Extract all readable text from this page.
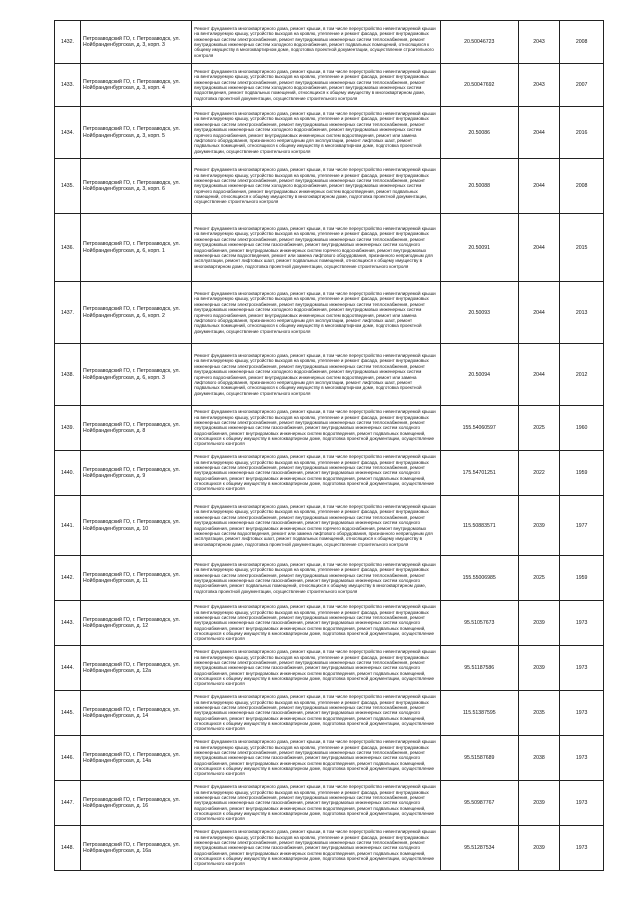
1432.	Петрозаводский ГО, г. Петрозаводск, ул. Нойбранденбургская, д. 3, корп. 3	Ремонт фундамента многоквартирного дома, ремонт крыши, в том числе переустройство невентилируемой крыши на вентилируемую крышу, устройство выходов на кровлю, утепление и ремонт фасада, ремонт внутридомовых инженерных систем электроснабжения, ремонт внутридомовых инженерных систем теплоснабжения, ремонт внутридомовых инженерных систем холодного водоснабжения, ремонт подвальных помещений, относящихся к общему имуществу в многоквартирном доме, подготовка проектной документации, осуществление строительного контроля	20.50046723	2043	2008
1433.	Петрозаводский ГО, г. Петрозаводск, ул. Нойбранденбургская, д. 3, корп. 4	Ремонт фундамента многоквартирного дома, ремонт крыши, в том числе переустройство невентилируемой крыши на вентилируемую крышу, устройство выходов на кровлю, утепление и ремонт фасада, ремонт внутридомовых инженерных систем электроснабжения, ремонт внутридомовых инженерных систем теплоснабжения, ремонт внутридомовых инженерных систем холодного водоснабжения, ремонт внутридомовых инженерных систем водоотведения, ремонт подвальных помещений, относящихся к общему имуществу в многоквартирном доме, подготовка проектной документации, осуществление строительного контроля	20.50047692	2043	2007
1434.	Петрозаводский ГО, г. Петрозаводск, ул. Нойбранденбургская, д. 3, корп. 5	Ремонт фундамента многоквартирного дома, ремонт крыши, в том числе переустройство невентилируемой крыши на вентилируемую крышу, устройство выходов на кровлю, утепление и ремонт фасада, ремонт внутридомовых инженерных систем электроснабжения, ремонт внутридомовых инженерных систем теплоснабжения, ремонт внутридомовых инженерных систем холодного водоснабжения, ремонт внутридомовых инженерных систем горячего водоснабжения, ремонт внутридомовых инженерных систем водоотведения, ремонт или замена лифтового оборудования, признанного непригодным для эксплуатации, ремонт лифтовых шахт, ремонт подвальных помещений, относящихся к общему имуществу в многоквартирном доме, подготовка проектной документации, осуществление строительного контроля	20.50086	2044	2016
1435.	Петрозаводский ГО, г. Петрозаводск, ул. Нойбранденбургская, д. 3, корп. 6	Ремонт фундамента многоквартирного дома, ремонт крыши, в том числе переустройство невентилируемой крыши на вентилируемую крышу, устройство выходов на кровлю, утепление и ремонт фасада, ремонт внутридомовых инженерных систем электроснабжения, ремонт внутридомовых инженерных систем теплоснабжения, ремонт внутридомовых инженерных систем холодного водоснабжения, ремонт внутридомовых инженерных систем горячего водоснабжения, ремонт внутридомовых инженерных систем водоотведения, ремонт подвальных помещений, относящихся к общему имуществу в многоквартирном доме, подготовка проектной документации, осуществление строительного контроля	20.50088	2044	2008
1436.	Петрозаводский ГО, г. Петрозаводск, ул. Нойбранденбургская, д. 6, корп. 1	Ремонт фундамента многоквартирного дома, ремонт крыши, в том числе переустройство невентилируемой крыши на вентилируемую крышу, устройство выходов на кровлю, утепление и ремонт фасада, ремонт внутридомовых инженерных систем электроснабжения, ремонт внутридомовых инженерных систем теплоснабжения, ремонт внутридомовых инженерных систем газоснабжения, ремонт внутридомовых инженерных систем холодного водоснабжения, ремонт внутридомовых инженерных систем горячего водоснабжения, ремонт внутридомовых инженерных систем водоотведения, ремонт или замена лифтового оборудования, признанного непригодным для эксплуатации, ремонт лифтовых шахт, ремонт подвальных помещений, относящихся к общему имуществу в многоквартирном доме, подготовка проектной документации, осуществление строительного контроля	20.50091	2044	2015
1437.	Петрозаводский ГО, г. Петрозаводск, ул. Нойбранденбургская, д. 6, корп. 2	Ремонт фундамента многоквартирного дома, ремонт крыши, в том числе переустройство невентилируемой крыши на вентилируемую крышу, устройство выходов на кровлю, утепление и ремонт фасада, ремонт внутридомовых инженерных систем электроснабжения, ремонт внутридомовых инженерных систем теплоснабжения, ремонт внутридомовых инженерных систем холодного водоснабжения, ремонт внутридомовых инженерных систем горячего водоснабжения, ремонт внутридомовых инженерных систем водоотведения, ремонт или замена лифтового оборудования, признанного непригодным для эксплуатации, ремонт лифтовых шахт, ремонт подвальных помещений, относящихся к общему имуществу в многоквартирном доме, подготовка проектной документации, осуществление строительного контроля	20.50093	2044	2013
1438.	Петрозаводский ГО, г. Петрозаводск, ул. Нойбранденбургская, д. 6, корп. 3	Ремонт фундамента многоквартирного дома, ремонт крыши, в том числе переустройство невентилируемой крыши на вентилируемую крышу, устройство выходов на кровлю, утепление и ремонт фасада, ремонт внутридомовых инженерных систем электроснабжения, ремонт внутридомовых инженерных систем теплоснабжения, ремонт внутридомовых инженерных систем холодного водоснабжения, ремонт внутридомовых инженерных систем горячего водоснабжения, ремонт внутридомовых инженерных систем водоотведения, ремонт или замена лифтового оборудования, признанного непригодным для эксплуатации, ремонт лифтовых шахт, ремонт подвальных помещений, относящихся к общему имуществу в многоквартирном доме, подготовка проектной документации, осуществление строительного контроля	20.50094	2044	2012
1439.	Петрозаводский ГО, г. Петрозаводск, ул. Нойбранденбургская, д. 8	Ремонт фундамента многоквартирного дома, ремонт крыши, в том числе переустройство невентилируемой крыши на вентилируемую крышу, устройство выходов на кровлю, утепление и ремонт фасада, ремонт внутридомовых инженерных систем электроснабжения, ремонт внутридомовых инженерных систем теплоснабжения, ремонт внутридомовых инженерных систем газоснабжения, ремонт внутридомовых инженерных систем холодного водоснабжения, ремонт внутридомовых инженерных систем водоотведения, ремонт подвальных помещений, относящихся к общему имуществу в многоквартирном доме, подготовка проектной документации, осуществление строительного контроля	155.54060597	2025	1960
1440.	Петрозаводский ГО, г. Петрозаводск, ул. Нойбранденбургская, д. 9	Ремонт фундамента многоквартирного дома, ремонт крыши, в том числе переустройство невентилируемой крыши на вентилируемую крышу, устройство выходов на кровлю, утепление и ремонт фасада, ремонт внутридомовых инженерных систем электроснабжения, ремонт внутридомовых инженерных систем теплоснабжения, ремонт внутридомовых инженерных систем газоснабжения, ремонт внутридомовых инженерных систем холодного водоснабжения, ремонт внутридомовых инженерных систем водоотведения, ремонт подвальных помещений, относящихся к общему имуществу в многоквартирном доме, подготовка проектной документации, осуществление строительного контроля	175.54701251	2022	1959
1441.	Петрозаводский ГО, г. Петрозаводск, ул. Нойбранденбургская, д. 10	Ремонт фундамента многоквартирного дома, ремонт крыши, в том числе переустройство невентилируемой крыши на вентилируемую крышу, устройство выходов на кровлю, утепление и ремонт фасада, ремонт внутридомовых инженерных систем электроснабжения, ремонт внутридомовых инженерных систем теплоснабжения, ремонт внутридомовых инженерных систем газоснабжения, ремонт внутридомовых инженерных систем холодного водоснабжения, ремонт внутридомовых инженерных систем горячего водоснабжения, ремонт внутридомовых инженерных систем водоотведения, ремонт или замена лифтового оборудования, признанного непригодным для эксплуатации, ремонт лифтовых шахт, ремонт подвальных помещений, относящихся к общему имуществу в многоквартирном доме, подготовка проектной документации, осуществление строительного контроля	115.50883571	2039	1977
1442.	Петрозаводский ГО, г. Петрозаводск, ул. Нойбранденбургская, д. 11	Ремонт фундамента многоквартирного дома, ремонт крыши, в том числе переустройство невентилируемой крыши на вентилируемую крышу, устройство выходов на кровлю, утепление и ремонт фасада, ремонт внутридомовых инженерных систем электроснабжения, ремонт внутридомовых инженерных систем теплоснабжения, ремонт внутридомовых инженерных систем газоснабжения, ремонт внутридомовых инженерных систем холодного водоснабжения, ремонт подвальных помещений, относящихся к общему имуществу в многоквартирном доме, подготовка проектной документации, осуществление строительного контроля	155.55006985	2025	1959
1443.	Петрозаводский ГО, г. Петрозаводск, ул. Нойбранденбургская, д. 12	Ремонт фундамента многоквартирного дома, ремонт крыши, в том числе переустройство невентилируемой крыши на вентилируемую крышу, устройство выходов на кровлю, утепление и ремонт фасада, ремонт внутридомовых инженерных систем электроснабжения, ремонт внутридомовых инженерных систем теплоснабжения, ремонт внутридомовых инженерных систем газоснабжения, ремонт внутридомовых инженерных систем холодного водоснабжения, ремонт внутридомовых инженерных систем водоотведения, ремонт подвальных помещений, относящихся к общему имуществу в многоквартирном доме, подготовка проектной документации, осуществление строительного контроля	95.51057673	2039	1973
1444.	Петрозаводский ГО, г. Петрозаводск, ул. Нойбранденбургская, д. 12а	Ремонт фундамента многоквартирного дома, ремонт крыши, в том числе переустройство невентилируемой крыши на вентилируемую крышу, устройство выходов на кровлю, утепление и ремонт фасада, ремонт внутридомовых инженерных систем электроснабжения, ремонт внутридомовых инженерных систем теплоснабжения, ремонт внутридомовых инженерных систем газоснабжения, ремонт внутридомовых инженерных систем холодного водоснабжения, ремонт внутридомовых инженерных систем водоотведения, ремонт подвальных помещений, относящихся к общему имуществу в многоквартирном доме, подготовка проектной документации, осуществление строительного контроля	95.51187586	2039	1973
1445.	Петрозаводский ГО, г. Петрозаводск, ул. Нойбранденбургская, д. 14	Ремонт фундамента многоквартирного дома, ремонт крыши, в том числе переустройство невентилируемой крыши на вентилируемую крышу, устройство выходов на кровлю, утепление и ремонт фасада, ремонт внутридомовых инженерных систем электроснабжения, ремонт внутридомовых инженерных систем теплоснабжения, ремонт внутридомовых инженерных систем газоснабжения, ремонт внутридомовых инженерных систем холодного водоснабжения, ремонт внутридомовых инженерных систем водоотведения, ремонт подвальных помещений, относящихся к общему имуществу в многоквартирном доме, подготовка проектной документации, осуществление строительного контроля	115.51387595	2035	1973
1446.	Петрозаводский ГО, г. Петрозаводск, ул. Нойбранденбургская, д. 14а	Ремонт фундамента многоквартирного дома, ремонт крыши, в том числе переустройство невентилируемой крыши на вентилируемую крышу, устройство выходов на кровлю, утепление и ремонт фасада, ремонт внутридомовых инженерных систем электроснабжения, ремонт внутридомовых инженерных систем теплоснабжения, ремонт внутридомовых инженерных систем газоснабжения, ремонт внутридомовых инженерных систем холодного водоснабжения, ремонт внутридомовых инженерных систем водоотведения, ремонт подвальных помещений, относящихся к общему имуществу в многоквартирном доме, подготовка проектной документации, осуществление строительного контроля	95.51587689	2038	1973
1447.	Петрозаводский ГО, г. Петрозаводск, ул. Нойбранденбургская, д. 16	Ремонт фундамента многоквартирного дома, ремонт крыши, в том числе переустройство невентилируемой крыши на вентилируемую крышу, устройство выходов на кровлю, утепление и ремонт фасада, ремонт внутридомовых инженерных систем электроснабжения, ремонт внутридомовых инженерных систем теплоснабжения, ремонт внутридомовых инженерных систем газоснабжения, ремонт внутридомовых инженерных систем холодного водоснабжения, ремонт внутридомовых инженерных систем водоотведения, ремонт подвальных помещений, относящихся к общему имуществу в многоквартирном доме, подготовка проектной документации, осуществление строительного контроля	95.50987767	2039	1973
1448.	Петрозаводский ГО, г. Петрозаводск, ул. Нойбранденбургская, д. 16а	Ремонт фундамента многоквартирного дома, ремонт крыши, в том числе переустройство невентилируемой крыши на вентилируемую крышу, устройство выходов на кровлю, утепление и ремонт фасада, ремонт внутридомовых инженерных систем электроснабжения, ремонт внутридомовых инженерных систем теплоснабжения, ремонт внутридомовых инженерных систем газоснабжения, ремонт внутридомовых инженерных систем холодного водоснабжения, ремонт внутридомовых инженерных систем водоотведения, ремонт подвальных помещений, относящихся к общему имуществу в многоквартирном доме, подготовка проектной документации, осуществление строительного контроля	95.51287534	2039	1973
